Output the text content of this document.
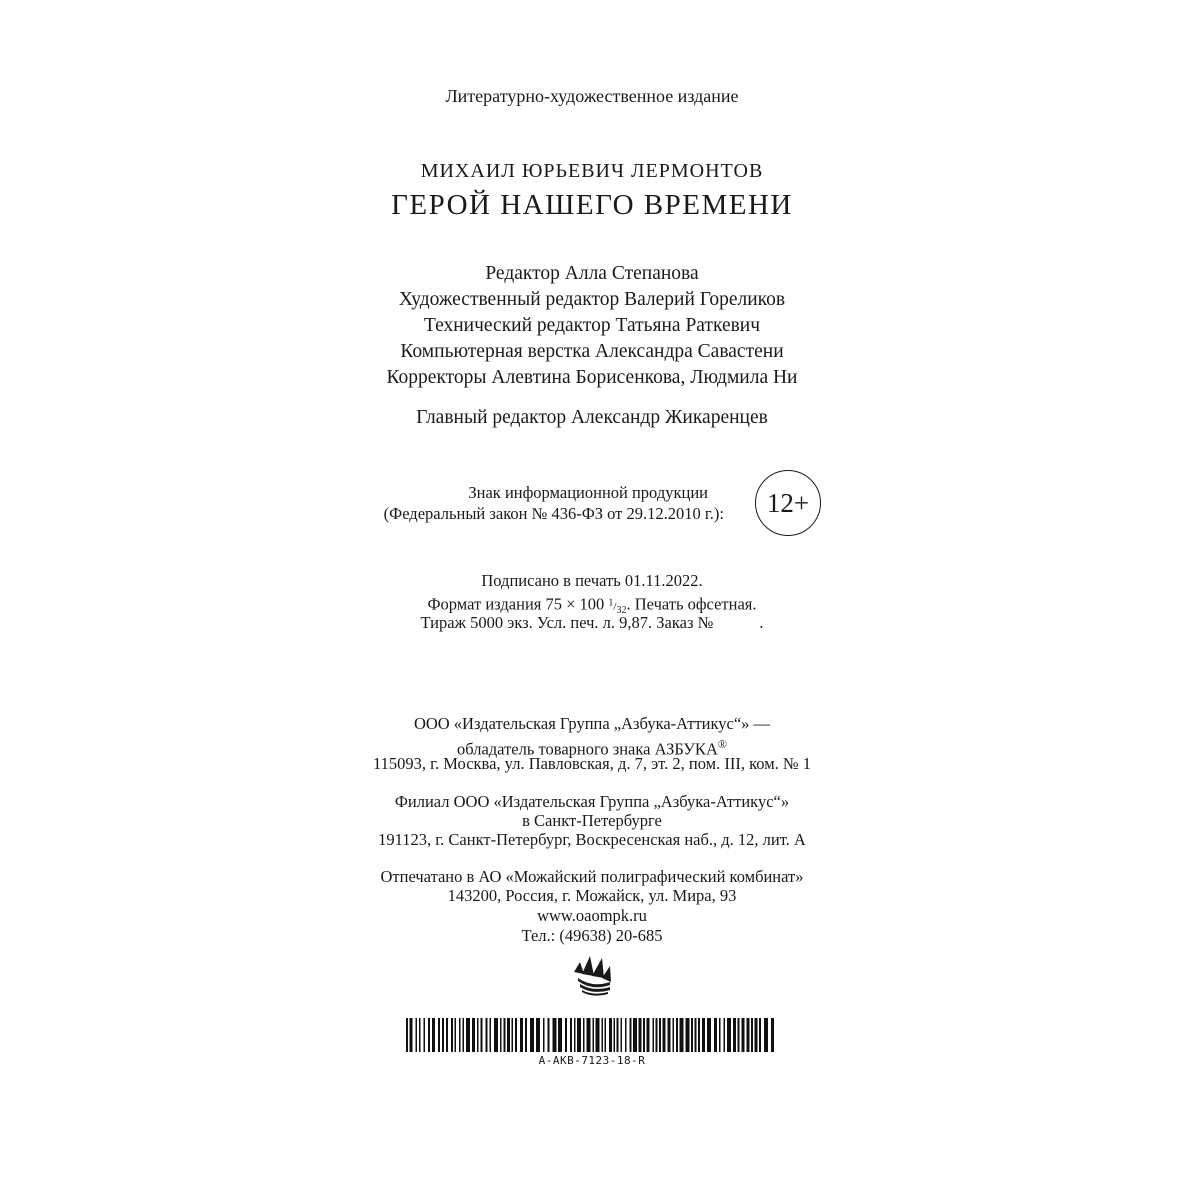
Литературно-художественное издание
МИХАИЛ ЮРЬЕВИЧ ЛЕРМОНТОВ
ГЕРОЙ НАШЕГО ВРЕМЕНИ
Редактор Алла Степанова
Художественный редактор Валерий Гореликов
Технический редактор Татьяна Раткевич
Компьютерная верстка Александра Савастени
Корректоры Алевтина Борисенкова, Людмила Ни
Главный редактор Александр Жикаренцев
Знак информационной продукции
(Федеральный закон № 436-ФЗ от 29.12.2010 г.):	12+
Подписано в печать 01.11.2022.
Формат издания 75 × 100 $^1/_{32}$. Печать офсетная.
Тираж 5000 экз. Усл. печ. л. 9,87. Заказ №	.
ООО «Издательская Группа „Азбука-Аттикус“» —
обладатель товарного знака АЗБУКА®
115093, г. Москва, ул. Павловская, д. 7, эт. 2, пом. III, ком. № 1
Филиал ООО «Издательская Группа „Азбука-Аттикус“»
в Санкт-Петербурге
191123, г. Санкт-Петербург, Воскресенская наб., д. 12, лит. А
Отпечатано в АО «Можайский полиграфический комбинат»
143200, Россия, г. Можайск, ул. Мира, 93
www.oaompk.ru
Тел.: (49638) 20-685
A-AKB-7123-18-R
